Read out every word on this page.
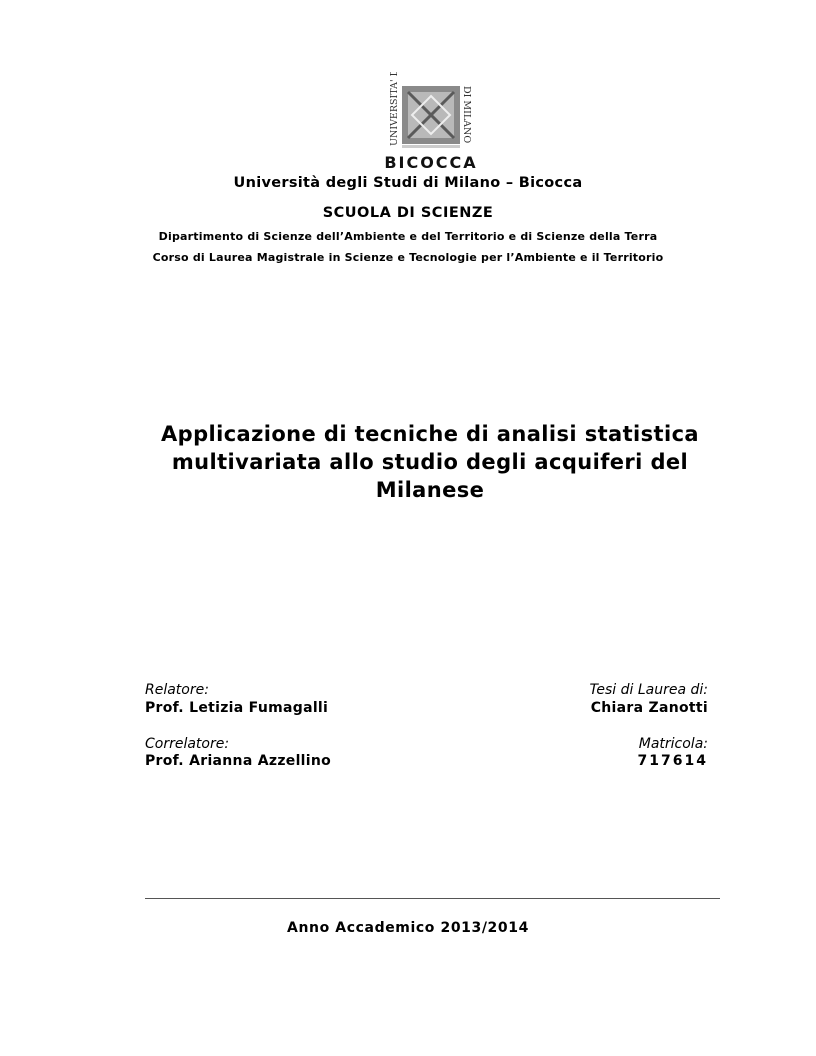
UNIVERSITA' DEGLI STUDI	DI MILANO
BICOCCA
Università degli Studi di Milano – Bicocca
SCUOLA DI SCIENZE
Dipartimento di Scienze dell’Ambiente e del Territorio e di Scienze della Terra
Corso di Laurea Magistrale in Scienze e Tecnologie per l’Ambiente e il Territorio
Applicazione di tecniche di analisi statistica
multivariata allo studio degli acquiferi del
Milanese
Relatore:
Prof. Letizia Fumagalli
Correlatore:
Prof. Arianna Azzellino
Tesi di Laurea di:
Chiara Zanotti
Matricola:
717614
Anno Accademico 2013/2014
